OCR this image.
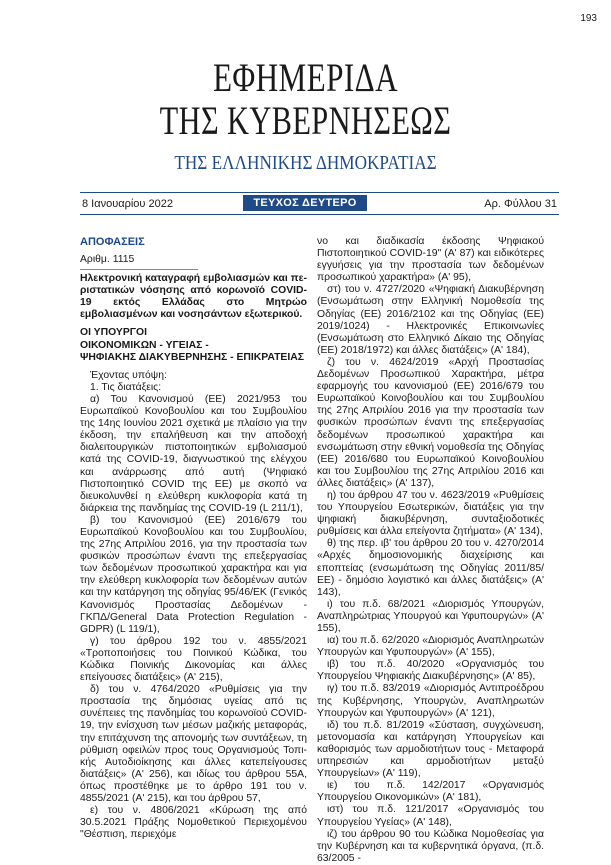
193
ΕΦΗΜΕΡΙΔΑ
ΤΗΣ ΚΥΒΕΡΝΗΣΕΩΣ
ΤΗΣ ΕΛΛΗΝΙΚΗΣ ΔΗΜΟΚΡΑΤΙΑΣ
8 Ιανουαρίου 2022	ΤΕΥΧΟΣ ΔΕΥΤΕΡΟ	Αρ. Φύλλου 31
ΑΠΟΦΑΣΕΙΣ
Αριθμ. 1115
Ηλεκτρονική καταγραφή εμβολιασμών και περιστατικών νόσησης από κορωνοϊό COVID-19 εκτός Ελλάδας στο Μητρώο εμβολιασμένων και νοσησάντων εξωτερικού.
ΟΙ ΥΠΟΥΡΓΟΙ
ΟΙΚΟΝΟΜΙΚΩΝ - ΥΓΕΙΑΣ -
ΨΗΦΙΑΚΗΣ ΔΙΑΚΥΒΕΡΝΗΣΗΣ - ΕΠΙΚΡΑΤΕΙΑΣ

Έχοντας υπόψη:

1. Τις διατάξεις:

α) Του Κανονισμού (ΕΕ) 2021/953 του Ευρωπαϊκού Κονοβουλίου και του Συμβουλίου της 14ης Ιουνίου 2021 σχετικά με πλαίσιο για την έκδοση, την επαλήθευση και την αποδοχή διαλειτουργικών πιστοποιητικών εμβολιασμού κατά της COVID-19, διαγνωστικού της ελέγχου και ανάρρωσης από αυτή (Ψηφιακό Πιστοποιητικό COVID της ΕΕ) με σκοπό να διευκολυνθεί η ελεύθερη κυκλοφορία κατά τη διάρκεια της πανδημίας της COVID-19 (L 211/1),

β) του Κανονισμού (ΕΕ) 2016/679 του Ευρωπαϊκού Κονοβουλίου και του Συμβουλίου, της 27ης Απριλίου 2016, για την προστασία των φυσικών προσώπων έναντι της επεξεργασίας των δεδομένων προσωπικού χαρακτήρα και για την ελεύθερη κυκλοφορία των δεδομένων αυτών και την κατάργηση της οδηγίας 95/46/ΕΚ (Γενικός Κανονισμός Προστασίας Δεδομένων - ΓΚΠΔ/General Data Protection Regulation - GDPR) (L 119/1),

γ) του άρθρου 192 του ν. 4855/2021 «Τροποποιήσεις του Ποινικού Κώδικα, του Κώδικα Ποινικής Δικονομίας και άλλες επείγουσες διατάξεις» (Α' 215),

δ) του ν. 4764/2020 «Ρυθμίσεις για την προστασία της δημόσιας υγείας από τις συνέπειες της πανδημίας του κορωνοϊού COVID-19, την ενίσχυση των μέσων μαζικής μεταφοράς, την επιτάχυνση της απονομής των συντάξεων, τη ρύθμιση οφειλών προς τους Οργανισμούς Τοπικής Αυτοδιοίκησης και άλλες κατεπείγουσες διατάξεις» (Α' 256), και ιδίως του άρθρου 55Α, όπως προστέθηκε με το άρθρο 191 του ν. 4855/2021 (Α' 215), και του άρθρου 57,

ε) του ν. 4806/2021 «Κύρωση της από 30.5.2021 Πράξης Νομοθετικού Περιεχομένου "Θέσπιση, περιεχόμε

νο και διαδικασία έκδοσης Ψηφιακού Πιστοποιητικού COVID-19" (Α' 87) και ειδικότερες εγγυήσεις για την προστασία των δεδομένων προσωπικού χαρακτήρα» (Α' 95),

στ) του ν. 4727/2020 «Ψηφιακή Διακυβέρνηση (Ενσωμάτωση στην Ελληνική Νομοθεσία της Οδηγίας (ΕΕ) 2016/2102 και της Οδηγίας (ΕΕ) 2019/1024) - Ηλεκτρονικές Επικοινωνίες (Ενσωμάτωση στο Ελληνικό Δίκαιο της Οδηγίας (ΕΕ) 2018/1972) και άλλες διατάξεις» (Α' 184),

ζ) του ν. 4624/2019 «Αρχή Προστασίας Δεδομένων Προσωπικού Χαρακτήρα, μέτρα εφαρμογής του κανονισμού (ΕΕ) 2016/679 του Ευρωπαϊκού Κοινοβουλίου και του Συμβουλίου της 27ης Απριλίου 2016 για την προστασία των φυσικών προσώπων έναντι της επεξεργασίας δεδομένων προσωπικού χαρακτήρα και ενσωμάτωση στην εθνική νομοθεσία της Οδηγίας (ΕΕ) 2016/680 του Ευρωπαϊκού Κοινοβουλίου και του Συμβουλίου της 27ης Απριλίου 2016 και άλλες διατάξεις» (Α' 137),

η) του άρθρου 47 του ν. 4623/2019 «Ρυθμίσεις του Υπουργείου Εσωτερικών, διατάξεις για την ψηφιακή διακυβέρνηση, συνταξιοδοτικές ρυθμίσεις και άλλα επείγοντα ζητήματα» (Α' 134),

θ) της περ. ιβ' του άρθρου 20 του ν. 4270/2014 «Αρχές δημοσιονομικής διαχείρισης και εποπτείας (ενσωμάτωση της Οδηγίας 2011/85/ΕΕ) - δημόσιο λογιστικό και άλλες διατάξεις» (Α' 143),

ι) του π.δ. 68/2021 «Διορισμός Υπουργών, Αναπληρώτριας Υπουργού και Υφυπουργών» (Α' 155),

ια) του π.δ. 62/2020 «Διορισμός Αναπληρωτών Υπουργών και Υφυπουργών» (Α' 155),

ιβ) του π.δ. 40/2020 «Οργανισμός του Υπουργείου Ψηφιακής Διακυβέρνησης» (Α' 85),

ιγ) του π.δ. 83/2019 «Διορισμός Αντιπροέδρου της Κυβέρνησης, Υπουργών, Αναπληρωτών Υπουργών και Υφυπουργών» (Α' 121),

ιδ) του π.δ. 81/2019 «Σύσταση, συγχώνευση, μετονομασία και κατάργηση Υπουργείων και καθορισμός των αρμοδιοτήτων τους - Μεταφορά υπηρεσιών και αρμοδιοτήτων μεταξύ Υπουργείων» (Α' 119),

ιε) του π.δ. 142/2017 «Οργανισμός Υπουργείου Οικονομικών» (Α' 181),

ιστ) του π.δ. 121/2017 «Οργανισμός του Υπουργείου Υγείας» (Α' 148),

ιζ) του άρθρου 90 του Κώδικα Νομοθεσίας για την Κυβέρνηση και τα κυβερνητικά όργανα, (π.δ. 63/2005 -
